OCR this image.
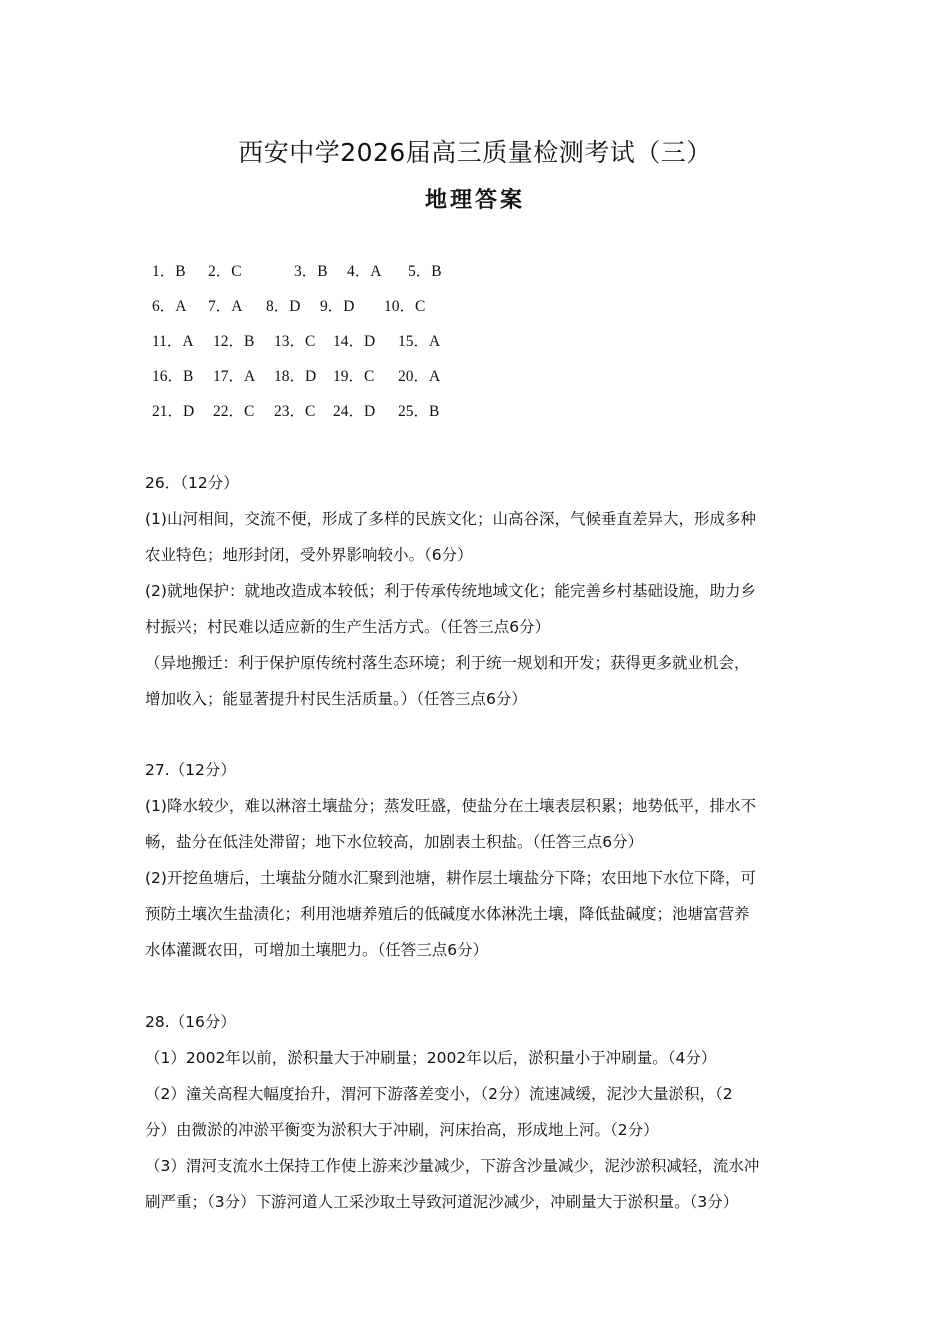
西安中学2026届高三质量检测考试（三）
地理答案
1．B 2．C	3．B 4．A 5．B
6．A 7．A 8．D 9．D 10．C
11．A 12．B 13．C 14．D 15．A
16．B 17．A 18．D 19．C 20．A
21．D 22．C 23．C 24．D 25．B
26．（12分）
(1)山河相间，交流不便，形成了多样的民族文化；山高谷深，气候垂直差异大，形成多种
农业特色；地形封闭，受外界影响较小。（6分）
(2)就地保护：就地改造成本较低；利于传承传统地域文化；能完善乡村基础设施，助力乡
村振兴；村民难以适应新的生产生活方式。（任答三点6分）
（异地搬迁：利于保护原传统村落生态环境；利于统一规划和开发；获得更多就业机会，
增加收入；能显著提升村民生活质量。）（任答三点6分）
27.（12分）
(1)降水较少，难以淋溶土壤盐分；蒸发旺盛，使盐分在土壤表层积累；地势低平，排水不
畅，盐分在低洼处滞留；地下水位较高，加剧表土积盐。（任答三点6分）
(2)开挖鱼塘后，土壤盐分随水汇聚到池塘，耕作层土壤盐分下降；农田地下水位下降，可
预防土壤次生盐渍化；利用池塘养殖后的低碱度水体淋洗土壤，降低盐碱度；池塘富营养
水体灌溉农田，可增加土壤肥力。（任答三点6分）
28.（16分）
（1）2002年以前，淤积量大于冲刷量；2002年以后，淤积量小于冲刷量。（4分）
（2）潼关高程大幅度抬升，渭河下游落差变小，（2分）流速减缓，泥沙大量淤积，（2
分）由微淤的冲淤平衡变为淤积大于冲刷，河床抬高，形成地上河。（2分）
（3）渭河支流水土保持工作使上游来沙量减少，下游含沙量减少，泥沙淤积减轻，流水冲
刷严重；（3分）下游河道人工采沙取土导致河道泥沙减少，冲刷量大于淤积量。（3分）
